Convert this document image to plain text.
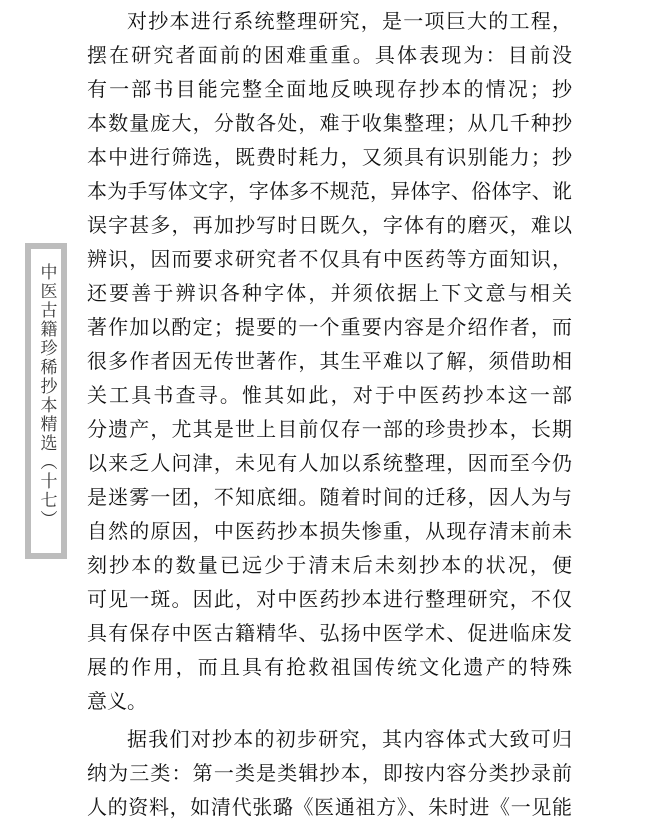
中医古籍珍稀抄本精选（十七）
对抄本进行系统整理研究，是一项巨大的工程，
摆在研究者面前的困难重重。具体表现为：目前没
有一部书目能完整全面地反映现存抄本的情况；抄
本数量庞大，分散各处，难于收集整理；从几千种抄
本中进行筛选，既费时耗力，又须具有识别能力；抄
本为手写体文字，字体多不规范，异体字、俗体字、讹
误字甚多，再加抄写时日既久，字体有的磨灭，难以
辨识，因而要求研究者不仅具有中医药等方面知识，
还要善于辨识各种字体，并须依据上下文意与相关
著作加以酌定；提要的一个重要内容是介绍作者，而
很多作者因无传世著作，其生平难以了解，须借助相
关工具书查寻。惟其如此，对于中医药抄本这一部
分遗产，尤其是世上目前仅存一部的珍贵抄本，长期
以来乏人问津，未见有人加以系统整理，因而至今仍
是迷雾一团，不知底细。随着时间的迁移，因人为与
自然的原因，中医药抄本损失惨重，从现存清末前未
刻抄本的数量已远少于清末后未刻抄本的状况，便
可见一斑。因此，对中医药抄本进行整理研究，不仅
具有保存中医古籍精华、弘扬中医学术、促进临床发
展的作用，而且具有抢救祖国传统文化遗产的特殊
意义。
据我们对抄本的初步研究，其内容体式大致可归
纳为三类：第一类是类辑抄本，即按内容分类抄录前
人的资料，如清代张璐《医通祖方》、朱时进《一见能
